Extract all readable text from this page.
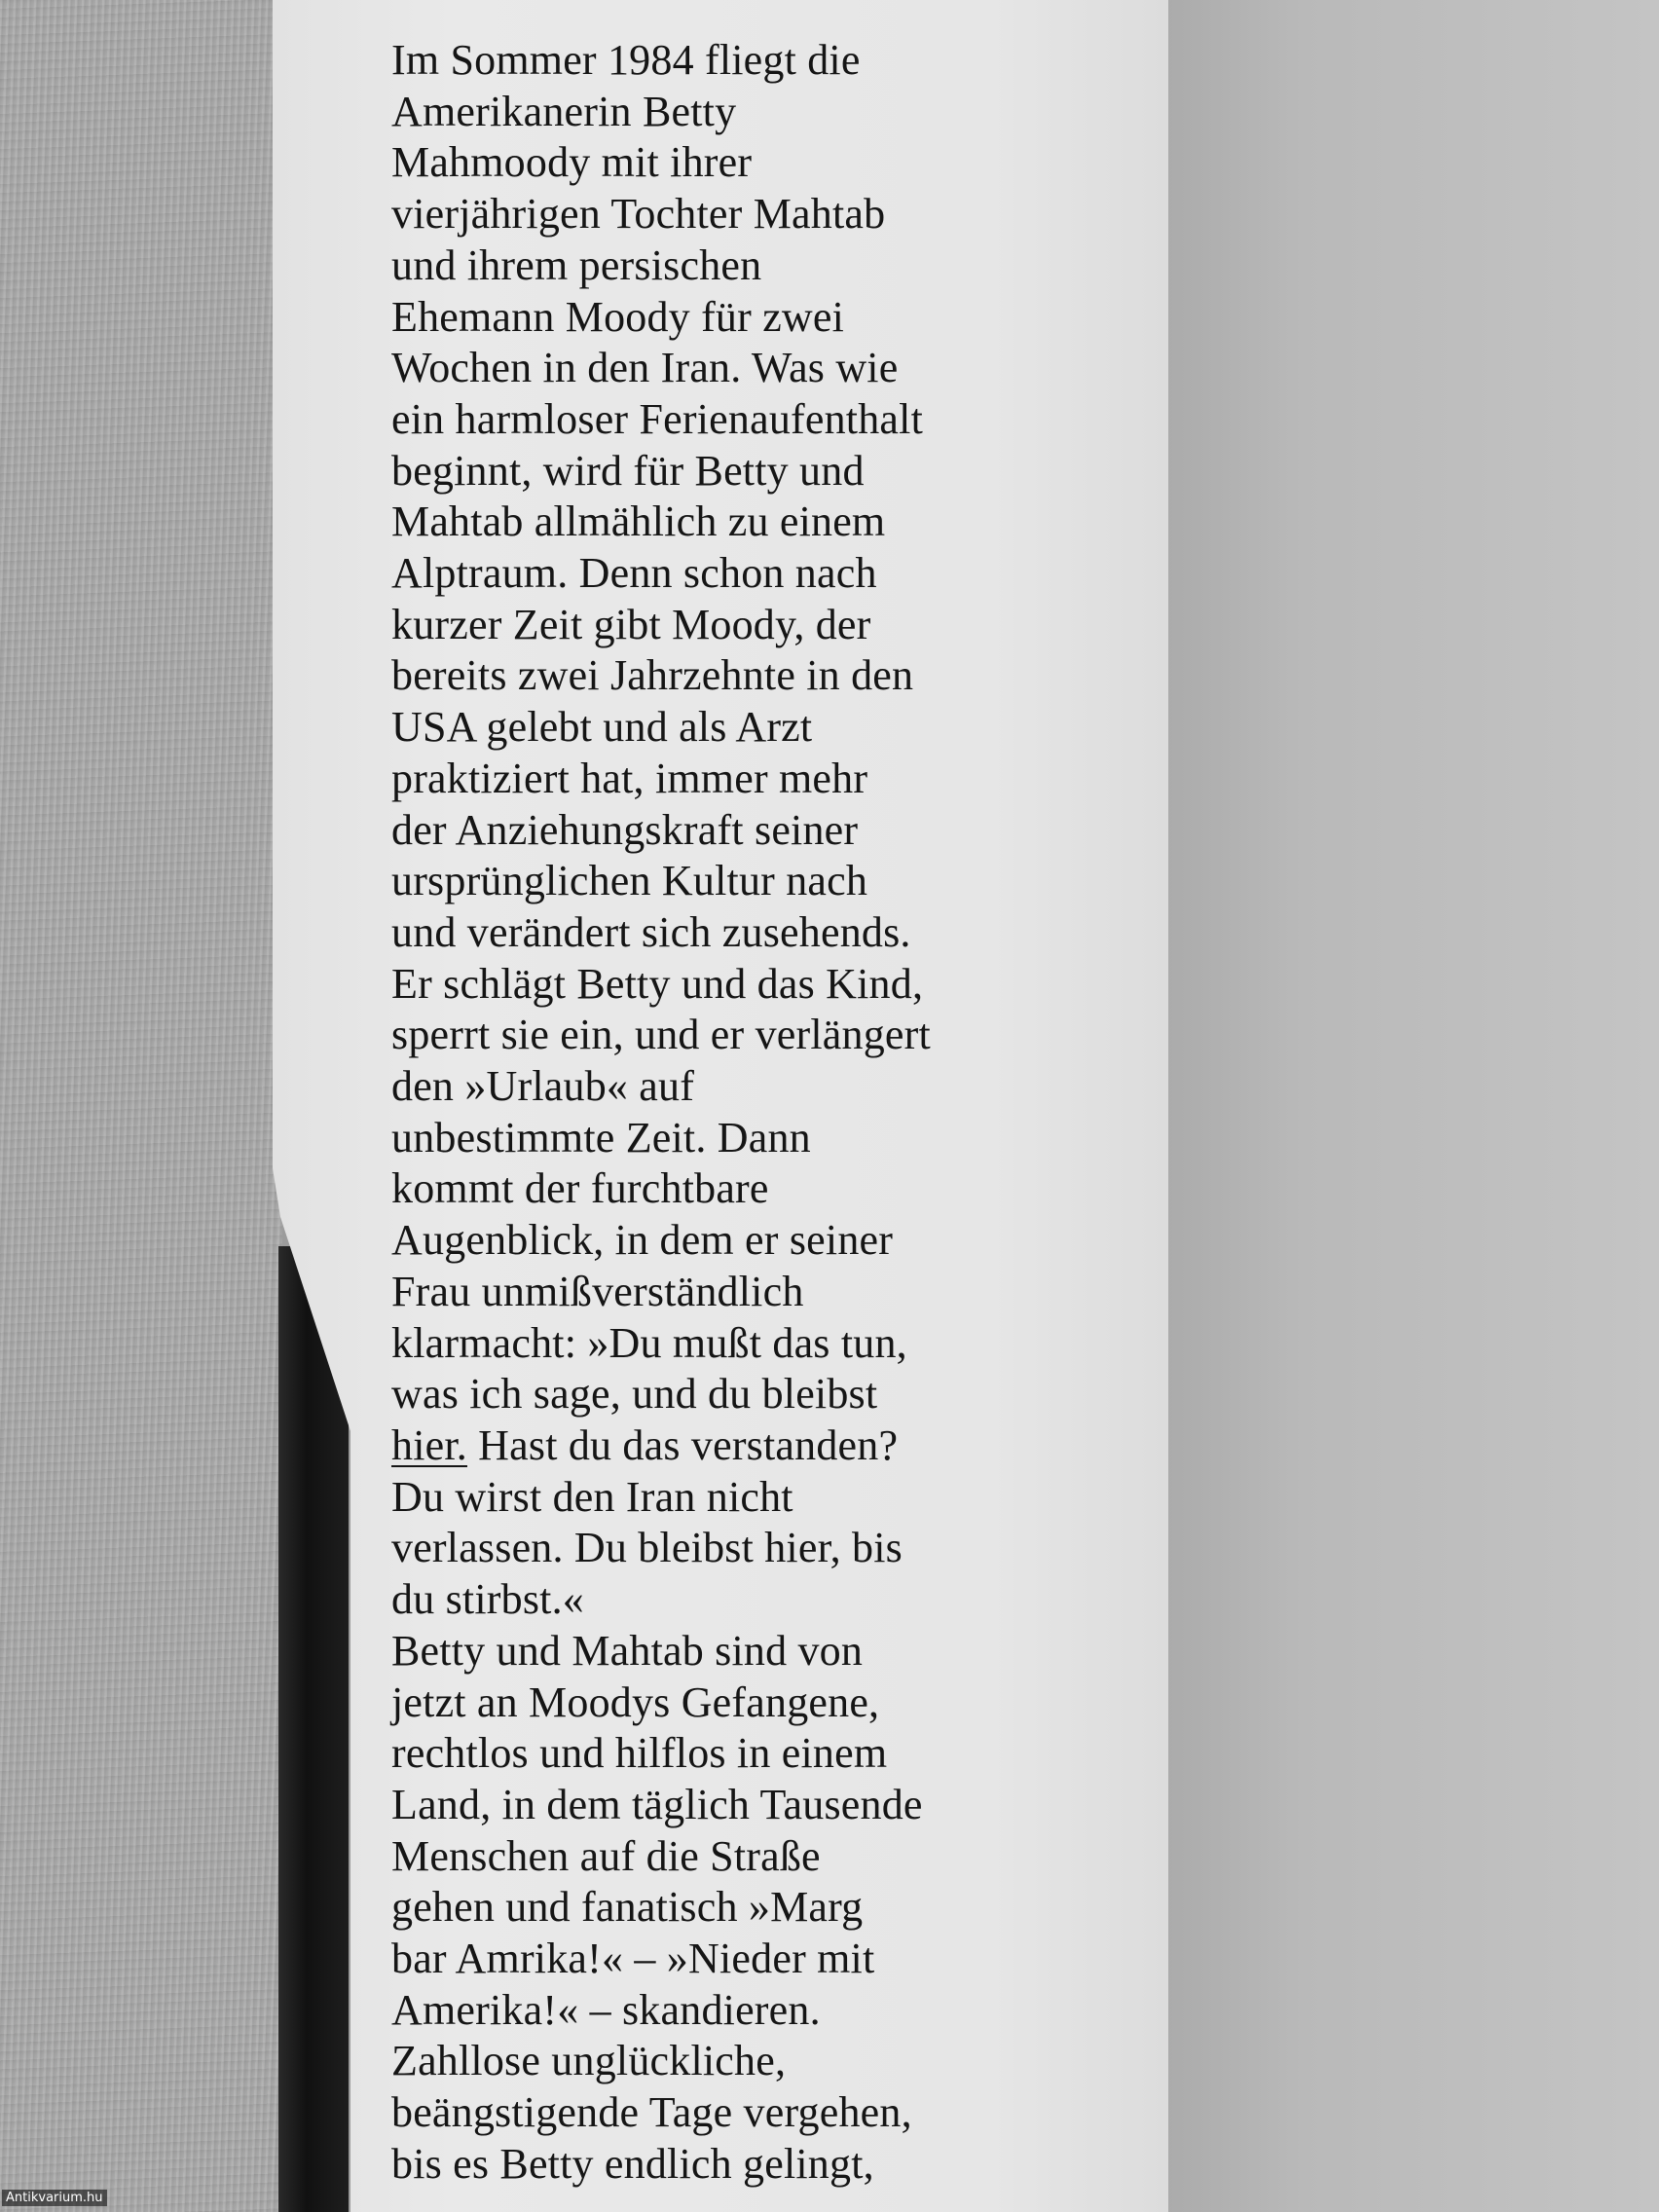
Im Sommer 1984 fliegt die
Amerikanerin Betty
Mahmoody mit ihrer
vierjährigen Tochter Mahtab
und ihrem persischen
Ehemann Moody für zwei
Wochen in den Iran. Was wie
ein harmloser Ferienaufenthalt
beginnt, wird für Betty und
Mahtab allmählich zu einem
Alptraum. Denn schon nach
kurzer Zeit gibt Moody, der
bereits zwei Jahrzehnte in den
USA gelebt und als Arzt
praktiziert hat, immer mehr
der Anziehungskraft seiner
ursprünglichen Kultur nach
und verändert sich zusehends.
Er schlägt Betty und das Kind,
sperrt sie ein, und er verlängert
den »Urlaub« auf
unbestimmte Zeit. Dann
kommt der furchtbare
Augenblick, in dem er seiner
Frau unmißverständlich
klarmacht: »Du mußt das tun,
was ich sage, und du bleibst
hier. Hast du das verstanden?
Du wirst den Iran nicht
verlassen. Du bleibst hier, bis
du stirbst.«
Betty und Mahtab sind von
jetzt an Moodys Gefangene,
rechtlos und hilflos in einem
Land, in dem täglich Tausende
Menschen auf die Straße
gehen und fanatisch »Marg
bar Amrika!« – »Nieder mit
Amerika!« – skandieren.
Zahllose unglückliche,
beängstigende Tage vergehen,
bis es Betty endlich gelingt,
Antikvarium.hu
